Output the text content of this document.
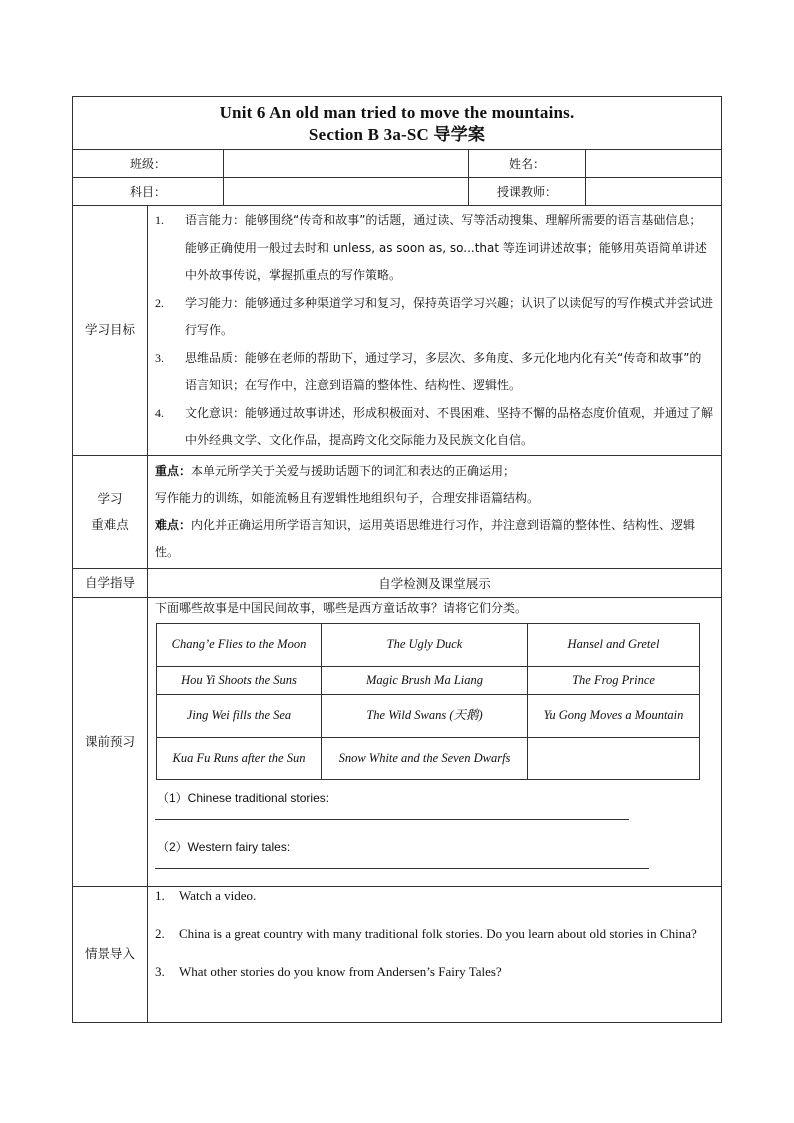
Unit 6 An old man tried to move the mountains.
Section B 3a-SC 导学案

班级：		姓名：	
科目：		授课教师：	
学习目标	
1.	语言能力：能够围绕“传奇和故事”的话题，通过读、写等活动搜集、理解所需要的语言基础信息；能够正确使用一般过去时和 unless, as soon as, so...that 等连词讲述故事；能够用英语简单讲述中外故事传说，掌握抓重点的写作策略。
2.	学习能力：能够通过多种渠道学习和复习，保持英语学习兴趣；认识了以读促写的写作模式并尝试进行写作。
3.	思维品质：能够在老师的帮助下，通过学习，多层次、多角度、多元化地内化有关“传奇和故事”的语言知识；在写作中，注意到语篇的整体性、结构性、逻辑性。
4.	文化意识：能够通过故事讲述，形成积极面对、不畏困难、坚持不懈的品格态度价值观，并通过了解中外经典文学、文化作品，提高跨文化交际能力及民族文化自信。

学习
重难点

重点：本单元所学关于关爱与援助话题下的词汇和表达的正确运用；
写作能力的训练，如能流畅且有逻辑性地组织句子，合理安排语篇结构。
难点：内化并正确运用所学语言知识，运用英语思维进行习作，并注意到语篇的整体性、结构性、逻辑性。

自学指导	自学检测及课堂展示
课前预习	
下面哪些故事是中国民间故事，哪些是西方童话故事？请将它们分类。
Chang’e Flies to the Moon	The Ugly Duck	Hansel and Gretel
Hou Yi Shoots the Suns	Magic Brush Ma Liang	The Frog Prince
Jing Wei fills the Sea	The Wild Swans (天鹅)	Yu Gong Moves a Mountain
Kua Fu Runs after the Sun	Snow White and the Seven Dwarfs	
（1）Chinese traditional stories:
（2）Western fairy tales:

情景导入	
1.	Watch a video.
2.	China is a great country with many traditional folk stories. Do you learn about old stories in China?
3.	What other stories do you know from Andersen’s Fairy Tales?
